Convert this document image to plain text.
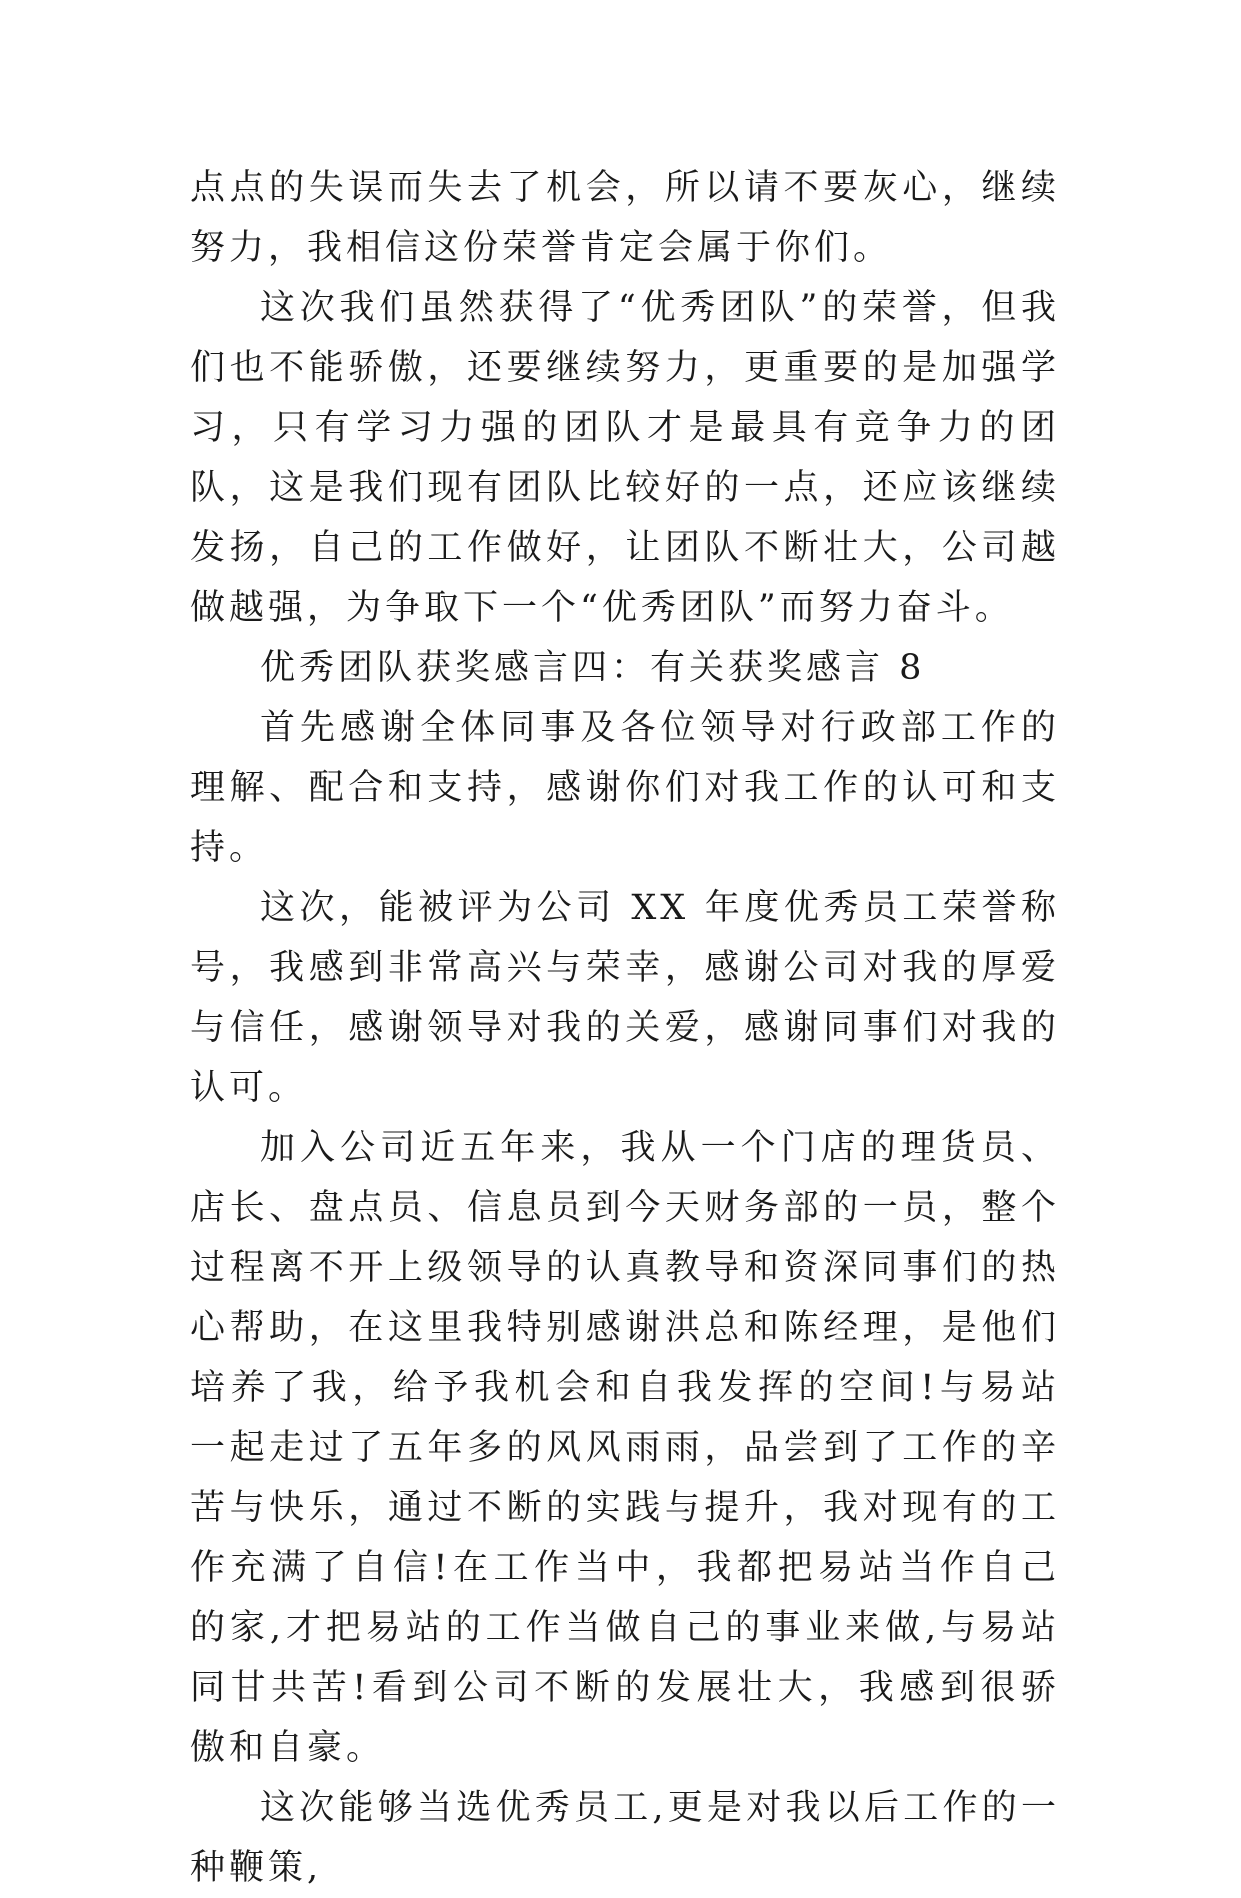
点点的失误而失去了机会，所以请不要灰心，继续努力，我相信这份荣誉肯定会属于你们。

这次我们虽然获得了“优秀团队”的荣誉，但我们也不能骄傲，还要继续努力，更重要的是加强学习，只有学习力强的团队才是最具有竞争力的团队，这是我们现有团队比较好的一点，还应该继续发扬，自己的工作做好，让团队不断壮大，公司越做越强，为争取下一个“优秀团队”而努力奋斗。

优秀团队获奖感言四：有关获奖感言 8

首先感谢全体同事及各位领导对行政部工作的理解、配合和支持，感谢你们对我工作的认可和支持。

这次，能被评为公司 XX 年度优秀员工荣誉称号，我感到非常高兴与荣幸，感谢公司对我的厚爱与信任，感谢领导对我的关爱，感谢同事们对我的认可。

加入公司近五年来，我从一个门店的理货员、店长、盘点员、信息员到今天财务部的一员，整个过程离不开上级领导的认真教导和资深同事们的热心帮助，在这里我特别感谢洪总和陈经理，是他们培养了我，给予我机会和自我发挥的空间!与易站一起走过了五年多的风风雨雨，品尝到了工作的辛苦与快乐，通过不断的实践与提升，我对现有的工作充满了自信!在工作当中，我都把易站当作自己的家,才把易站的工作当做自己的事业来做,与易站同甘共苦!看到公司不断的发展壮大，我感到很骄傲和自豪。

这次能够当选优秀员工,更是对我以后工作的一种鞭策,
